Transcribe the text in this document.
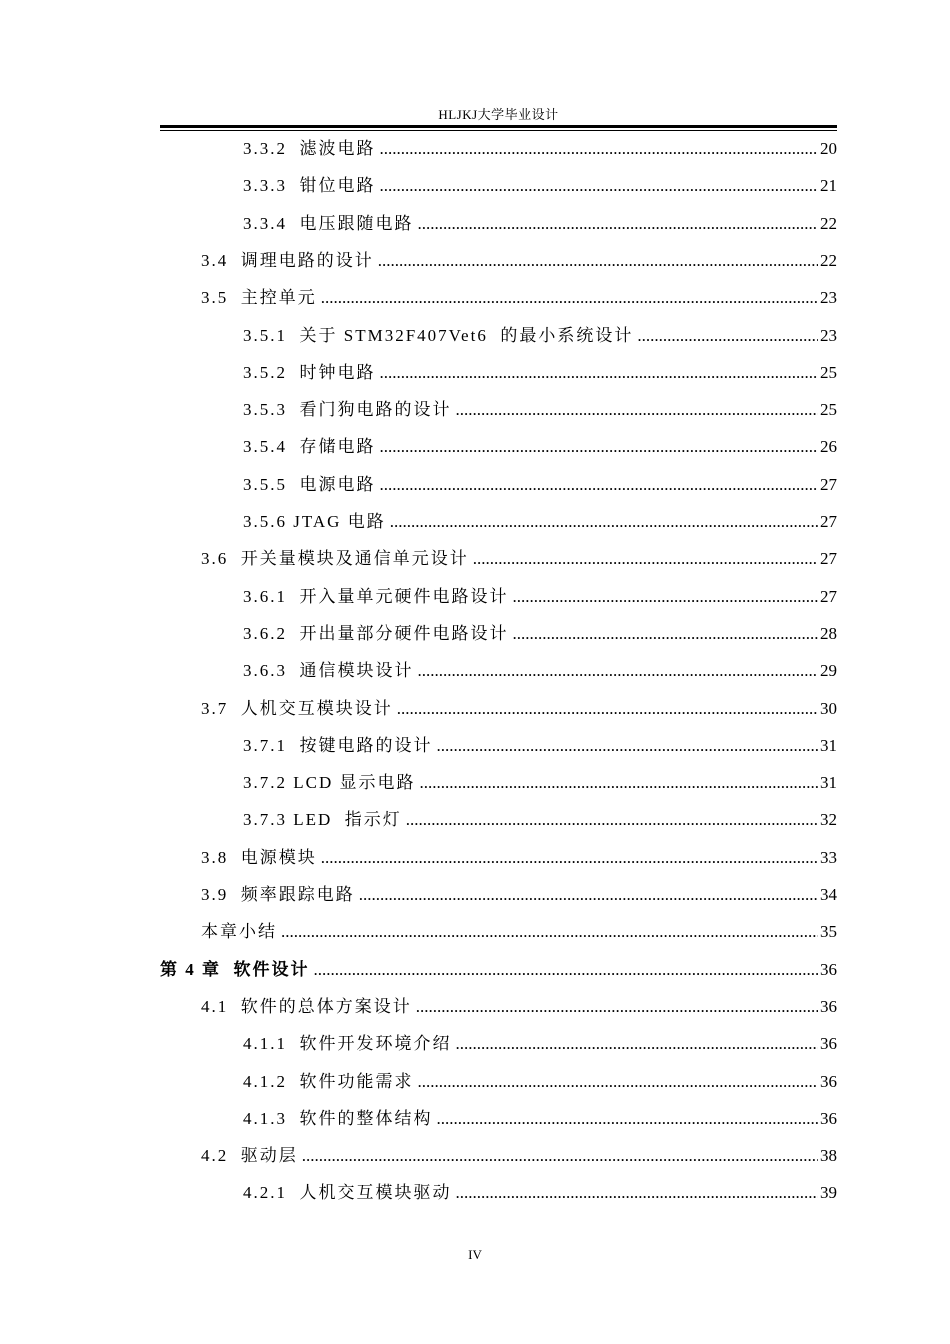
HLJKJ大学毕业设计
3.3.2  滤波电路 .....	20
3.3.3  钳位电路 .....	21
3.3.4  电压跟随电路 .....	22
3.4  调理电路的设计 .....	22
3.5  主控单元 .....	23
3.5.1  关于 STM32F407Vet6  的最小系统设计 .....	23
3.5.2  时钟电路 .....	25
3.5.3  看门狗电路的设计 .....	25
3.5.4  存储电路 .....	26
3.5.5  电源电路 .....	27
3.5.6 JTAG 电路 .....	27
3.6  开关量模块及通信单元设计 .....	27
3.6.1  开入量单元硬件电路设计 .....	27
3.6.2  开出量部分硬件电路设计 .....	28
3.6.3  通信模块设计 .....	29
3.7  人机交互模块设计 .....	30
3.7.1  按键电路的设计 .....	31
3.7.2 LCD 显示电路 .....	31
3.7.3 LED  指示灯 .....	32
3.8  电源模块 .....	33
3.9  频率跟踪电路 .....	34
本章小结 .....	35
第 4 章  软件设计 .....	36
4.1  软件的总体方案设计 .....	36
4.1.1  软件开发环境介绍 .....	36
4.1.2  软件功能需求 .....	36
4.1.3  软件的整体结构 .....	36
4.2  驱动层 .....	38
4.2.1  人机交互模块驱动 .....	39
IV
